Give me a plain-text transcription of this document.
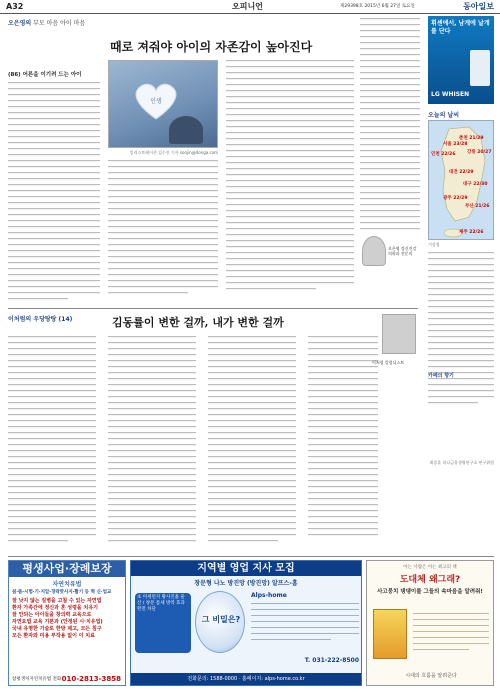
A32	오피니언	제29398호 2015년 6월 27일 토요일	동아일보
오은영의 부모 마음 아이 마음
때로 져줘야 아이의 자존감이 높아진다
(86) 어른을 이기려 드는 아이
인생
일러스트레이션 김수진 기자 soojin@donga.com
오은영 정신건강의학과 전문의
이처럼의 우당탕탕 (14)	김동률이 변한 걸까, 내가 변한 걸까
이처럼 칼럼니스트
휘센에서, 남게에 날개를 단다
LG WHISEN
오늘의 날씨
서울 23/28
인천 22/26
춘천 21/29
강릉 20/27
대전 22/29
대구 22/30
광주 22/29
부산 21/26
제주 22/26
기상청
카페의 향기
최종훈 하나금융경영연구소 연구위원
평생사업·장례보장
자연치유법
침·뜸·시험·기·지압·경락맛사지·활기 등 혁 신·업교
잘 낫지 않는 질병을 고칠 수 있는 자연법
환자 가족간에 정신과 혼 성령을 치유기
잘 안되는 아이들을 창의력 교육으로
자연요법 교육 기본과 (안정된 시·치유법)
국내 유명한 기술로 한방 제고, 모든 침구
모든 환자와 미용 부작용 없이 이 치료
참평생처자연치유법 전화 010-2813-3858
지역별 영업 지사 모집
창문형 나노 방진망 (방진망) 알프스-홈
초 미세먼지 황사진흙 물산 / 창문 틈새 방역 효과 완전 차단
그 비밀은?
Alps-home
T. 031-222-8500
전화문의: 1588-0000 · 홈페이지: alps-home.co.kr
아는 사람은 아는 최고의 책
도대체 왜그래?
사고뭉치 댕댕이를 그들의 속마음을 알려줘!
시대의 흐름을 알려준다
